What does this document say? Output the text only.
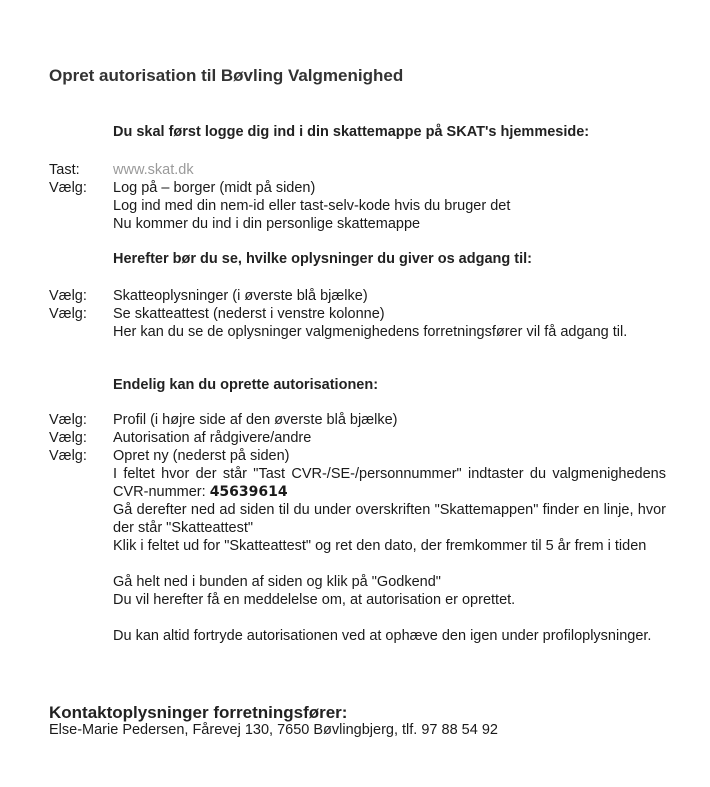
Opret autorisation til Bøvling Valgmenighed
Du skal først logge dig ind i din skattemappe på SKAT's hjemmeside:
Tast:	www.skat.dk
Vælg:	Log på – borger (midt på siden)
Log ind med din nem-id eller tast-selv-kode hvis du bruger det
Nu kommer du ind i din personlige skattemappe
Herefter bør du se, hvilke oplysninger du giver os adgang til:
Vælg:	Skatteoplysninger (i øverste blå bjælke)
Vælg:	Se skatteattest (nederst i venstre kolonne)
Her kan du se de oplysninger valgmenighedens forretningsfører vil få adgang til.
Endelig kan du oprette autorisationen:
Vælg:	Profil (i højre side af den øverste blå bjælke)
Vælg:	Autorisation af rådgivere/andre
Vælg:	Opret ny (nederst på siden)
I feltet hvor der står "Tast CVR-/SE-/personnummer" indtaster du valgmenighedens CVR-nummer: 45639614
Gå derefter ned ad siden til du under overskriften "Skattemappen" finder en linje, hvor der står "Skatteattest"
Klik i feltet ud for "Skatteattest" og ret den dato, der fremkommer til 5 år frem i tiden
Gå helt ned i bunden af siden og klik på "Godkend"
Du vil herefter få en meddelelse om, at autorisation er oprettet.
Du kan altid fortryde autorisationen ved at ophæve den igen under profiloplysninger.
Kontaktoplysninger forretningsfører:
Else-Marie Pedersen, Fårevej 130, 7650 Bøvlingbjerg, tlf. 97 88 54 92
